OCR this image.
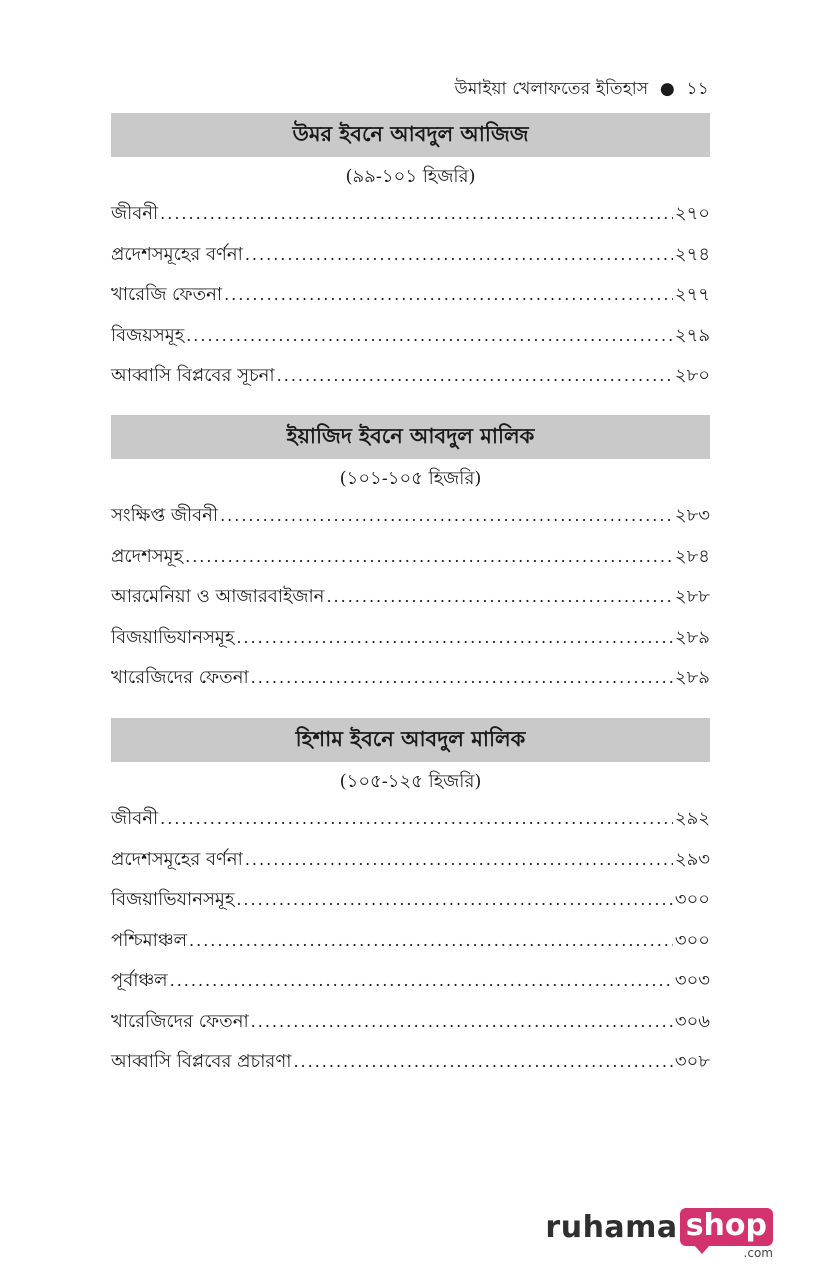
উমাইয়া খেলাফতের ইতিহাস ● ১১
উমর ইবনে আবদুল আজিজ
(৯৯-১০১ হিজরি)
জীবনী .....	২৭০
প্রদেশসমূহের বর্ণনা .....	২৭৪
খারেজি ফেতনা .....	২৭৭
বিজয়সমূহ .....	২৭৯
আব্বাসি বিপ্লবের সূচনা .....	২৮০
ইয়াজিদ ইবনে আবদুল মালিক
(১০১-১০৫ হিজরি)
সংক্ষিপ্ত জীবনী .....	২৮৩
প্রদেশসমূহ .....	২৮৪
আরমেনিয়া ও আজারবাইজান .....	২৮৮
বিজয়াভিযানসমূহ .....	২৮৯
খারেজিদের ফেতনা .....	২৮৯
হিশাম ইবনে আবদুল মালিক
(১০৫-১২৫ হিজরি)
জীবনী .....	২৯২
প্রদেশসমূহের বর্ণনা .....	২৯৩
বিজয়াভিযানসমূহ .....	৩০০
পশ্চিমাঞ্চল .....	৩০০
পূর্বাঞ্চল .....	৩০৩
খারেজিদের ফেতনা .....	৩০৬
আব্বাসি বিপ্লবের প্রচারণা .....	৩০৮
ruhama shop
.com
